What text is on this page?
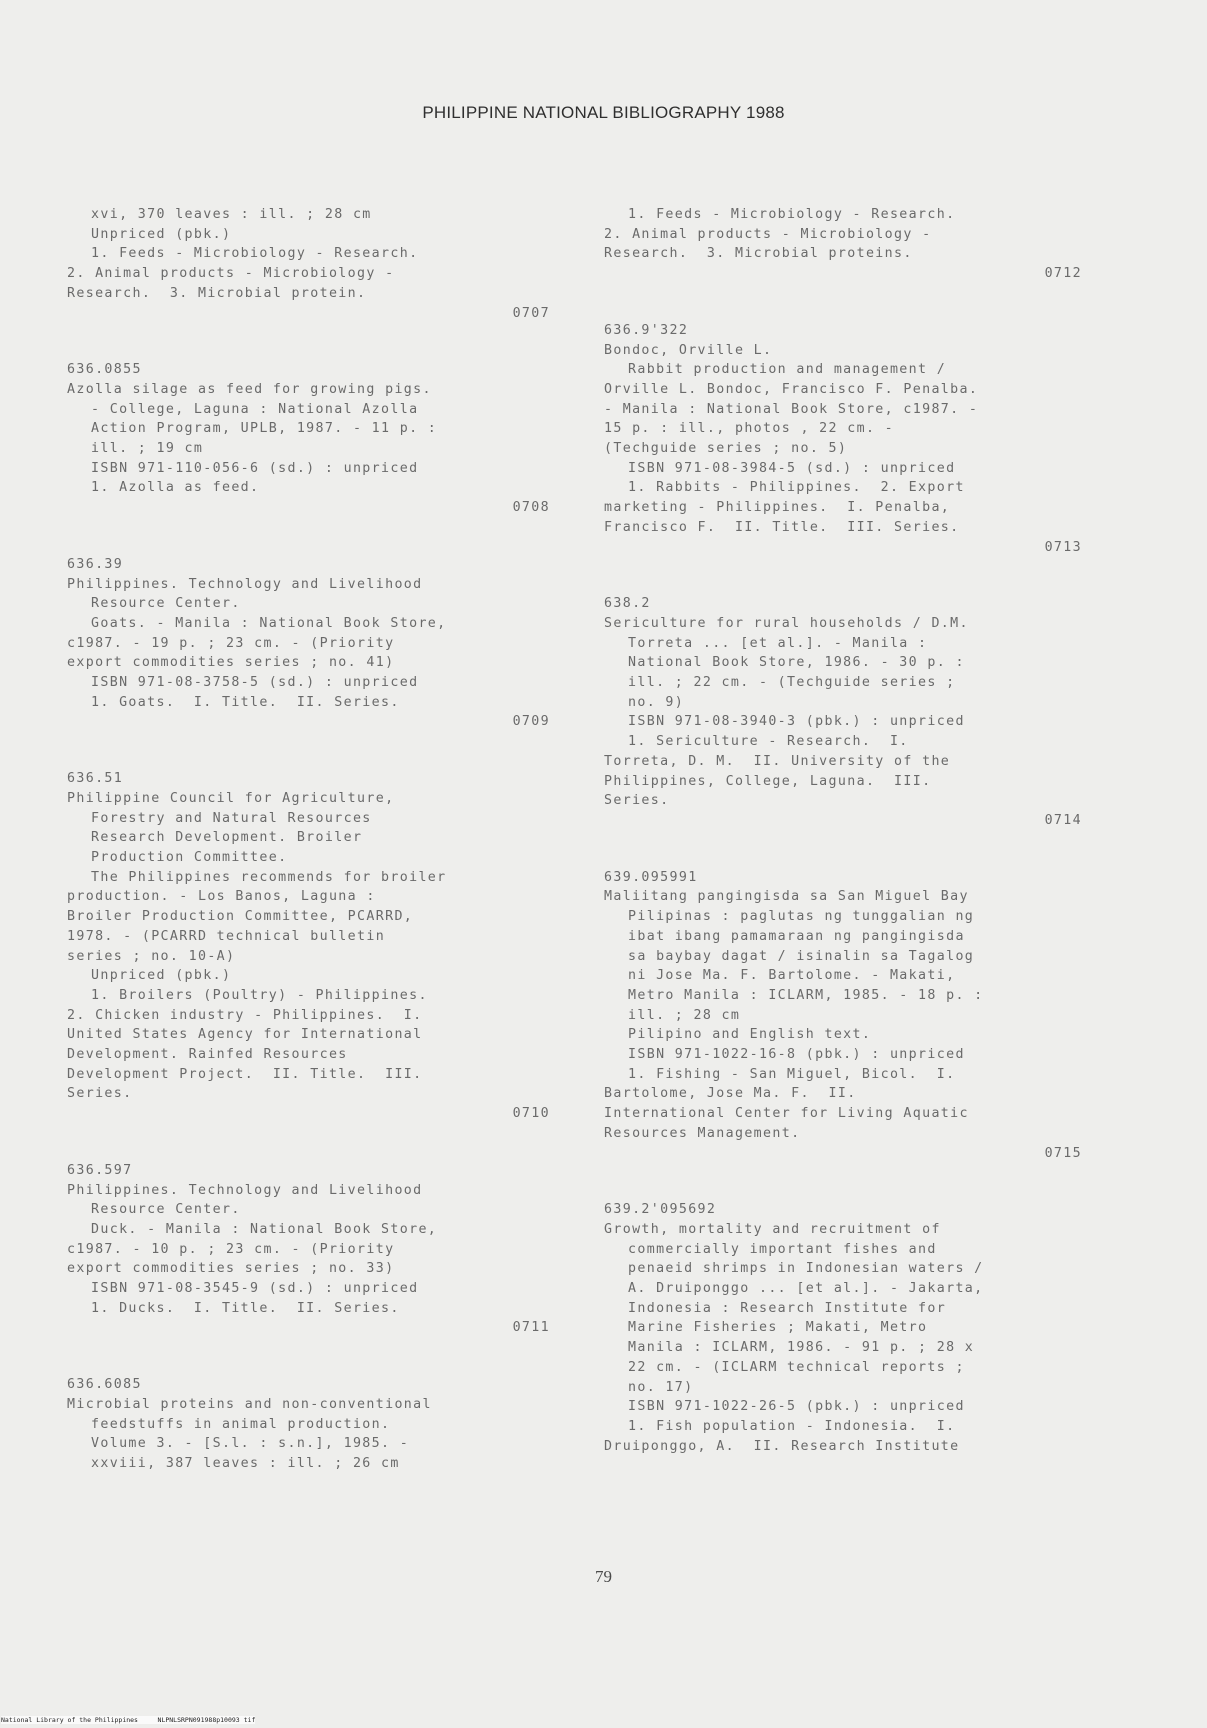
PHILIPPINE NATIONAL BIBLIOGRAPHY 1988
xvi, 370 leaves : ill. ; 28 cm
Unpriced (pbk.)
1. Feeds - Microbiology - Research.
2. Animal products - Microbiology -
Research.  3. Microbial protein.
0707
636.0855
Azolla silage as feed for growing pigs.
- College, Laguna : National Azolla
Action Program, UPLB, 1987. - 11 p. :
ill. ; 19 cm
ISBN 971-110-056-6 (sd.) : unpriced
1. Azolla as feed.
0708
636.39
Philippines. Technology and Livelihood
Resource Center.
Goats. - Manila : National Book Store,
c1987. - 19 p. ; 23 cm. - (Priority
export commodities series ; no. 41)
ISBN 971-08-3758-5 (sd.) : unpriced
1. Goats.  I. Title.  II. Series.
0709
636.51
Philippine Council for Agriculture,
Forestry and Natural Resources
Research Development. Broiler
Production Committee.
The Philippines recommends for broiler
production. - Los Banos, Laguna :
Broiler Production Committee, PCARRD,
1978. - (PCARRD technical bulletin
series ; no. 10-A)
Unpriced (pbk.)
1. Broilers (Poultry) - Philippines.
2. Chicken industry - Philippines.  I.
United States Agency for International
Development. Rainfed Resources
Development Project.  II. Title.  III.
Series.
0710
636.597
Philippines. Technology and Livelihood
Resource Center.
Duck. - Manila : National Book Store,
c1987. - 10 p. ; 23 cm. - (Priority
export commodities series ; no. 33)
ISBN 971-08-3545-9 (sd.) : unpriced
1. Ducks.  I. Title.  II. Series.
0711
636.6085
Microbial proteins and non-conventional
feedstuffs in animal production.
Volume 3. - [S.l. : s.n.], 1985. -
xxviii, 387 leaves : ill. ; 26 cm
1. Feeds - Microbiology - Research.
2. Animal products - Microbiology -
Research.  3. Microbial proteins.
0712
636.9'322
Bondoc, Orville L.
Rabbit production and management /
Orville L. Bondoc, Francisco F. Penalba.
- Manila : National Book Store, c1987. -
15 p. : ill., photos , 22 cm. -
(Techguide series ; no. 5)
ISBN 971-08-3984-5 (sd.) : unpriced
1. Rabbits - Philippines.  2. Export
marketing - Philippines.  I. Penalba,
Francisco F.  II. Title.  III. Series.
0713
638.2
Sericulture for rural households / D.M.
Torreta ... [et al.]. - Manila :
National Book Store, 1986. - 30 p. :
ill. ; 22 cm. - (Techguide series ;
no. 9)
ISBN 971-08-3940-3 (pbk.) : unpriced
1. Sericulture - Research.  I.
Torreta, D. M.  II. University of the
Philippines, College, Laguna.  III.
Series.
0714
639.095991
Maliitang pangingisda sa San Miguel Bay
Pilipinas : paglutas ng tunggalian ng
ibat ibang pamamaraan ng pangingisda
sa baybay dagat / isinalin sa Tagalog
ni Jose Ma. F. Bartolome. - Makati,
Metro Manila : ICLARM, 1985. - 18 p. :
ill. ; 28 cm
Pilipino and English text.
ISBN 971-1022-16-8 (pbk.) : unpriced
1. Fishing - San Miguel, Bicol.  I.
Bartolome, Jose Ma. F.  II.
International Center for Living Aquatic
Resources Management.
0715
639.2'095692
Growth, mortality and recruitment of
commercially important fishes and
penaeid shrimps in Indonesian waters /
A. Druiponggo ... [et al.]. - Jakarta,
Indonesia : Research Institute for
Marine Fisheries ; Makati, Metro
Manila : ICLARM, 1986. - 91 p. ; 28 x
22 cm. - (ICLARM technical reports ;
no. 17)
ISBN 971-1022-26-5 (pbk.) : unpriced
1. Fish population - Indonesia.  I.
Druiponggo, A.  II. Research Institute
79
National Library of the Philippines     NLPNLSRPN091988p10093 tif
